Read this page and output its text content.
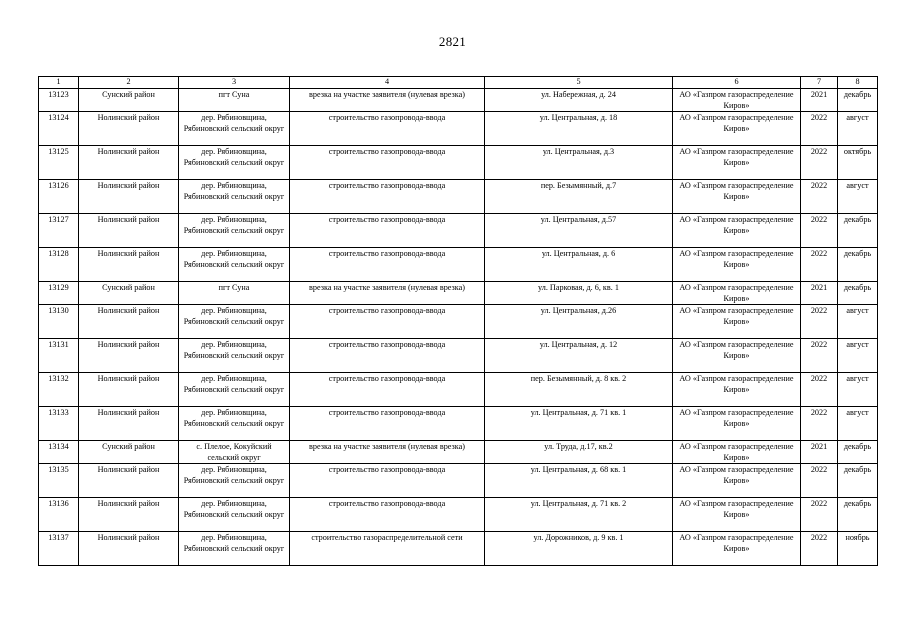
2821
1	2	3	4	5	6	7	8
13123	Сунский район	пгт Суна	врезка на участке заявителя (нулевая врезка)	ул. Набережная, д. 24	АО «Газпром газораспределение Киров»	2021	декабрь
13124	Нолинский район	дер. Рябиновщина, Рябиновский сельский округ	строительство газопровода-ввода	ул. Центральная, д. 18	АО «Газпром газораспределение Киров»	2022	август
13125	Нолинский район	дер. Рябиновщина, Рябиновский сельский округ	строительство газопровода-ввода	ул. Центральная, д.3	АО «Газпром газораспределение Киров»	2022	октябрь
13126	Нолинский район	дер. Рябиновщина, Рябиновский сельский округ	строительство газопровода-ввода	пер. Безымянный, д.7	АО «Газпром газораспределение Киров»	2022	август
13127	Нолинский район	дер. Рябиновщина, Рябиновский сельский округ	строительство газопровода-ввода	ул. Центральная, д.57	АО «Газпром газораспределение Киров»	2022	декабрь
13128	Нолинский район	дер. Рябиновщина, Рябиновский сельский округ	строительство газопровода-ввода	ул. Центральная, д. 6	АО «Газпром газораспределение Киров»	2022	декабрь
13129	Сунский район	пгт Суна	врезка на участке заявителя (нулевая врезка)	ул. Парковая, д. 6, кв. 1	АО «Газпром газораспределение Киров»	2021	декабрь
13130	Нолинский район	дер. Рябиновщина, Рябиновский сельский округ	строительство газопровода-ввода	ул. Центральная, д.26	АО «Газпром газораспределение Киров»	2022	август
13131	Нолинский район	дер. Рябиновщина, Рябиновский сельский округ	строительство газопровода-ввода	ул. Центральная, д. 12	АО «Газпром газораспределение Киров»	2022	август
13132	Нолинский район	дер. Рябиновщина, Рябиновский сельский округ	строительство газопровода-ввода	пер. Безымянный, д. 8 кв. 2	АО «Газпром газораспределение Киров»	2022	август
13133	Нолинский район	дер. Рябиновщина, Рябиновский сельский округ	строительство газопровода-ввода	ул. Центральная, д. 71 кв. 1	АО «Газпром газораспределение Киров»	2022	август
13134	Сунский район	с. Плелое, Кокуйский сельский округ	врезка на участке заявителя (нулевая врезка)	ул. Труда, д.17, кв.2	АО «Газпром газораспределение Киров»	2021	декабрь
13135	Нолинский район	дер. Рябиновщина, Рябиновский сельский округ	строительство газопровода-ввода	ул. Центральная, д. 68 кв. 1	АО «Газпром газораспределение Киров»	2022	декабрь
13136	Нолинский район	дер. Рябиновщина, Рябиновский сельский округ	строительство газопровода-ввода	ул. Центральная, д. 71 кв. 2	АО «Газпром газораспределение Киров»	2022	декабрь
13137	Нолинский район	дер. Рябиновщина, Рябиновский сельский округ	строительство газораспределительной сети	ул. Дорожников, д. 9 кв. 1	АО «Газпром газораспределение Киров»	2022	ноябрь
